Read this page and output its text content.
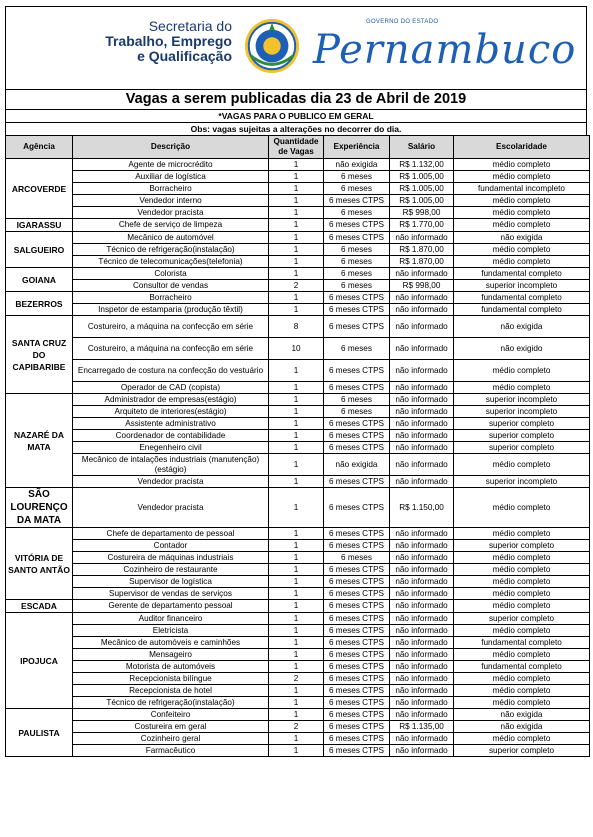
Secretaria do
Trabalho, Emprego
e Qualificação
GOVERNO DO ESTADO
Pernambuco
Vagas a serem publicadas dia 23 de Abril de 2019
*VAGAS PARA O PUBLICO EM GERAL
Obs: vagas sujeitas a alterações no decorrer do dia.
Agência	Descrição	Quantidade de Vagas	Experiência	Salário	Escolaridade
ARCOVERDE	Agente de microcrédito	1	não exigida	R$ 1.132,00	médio completo
	Auxiliar de logística	1	6 meses	R$ 1.005,00	médio completo
	Borracheiro	1	6 meses	R$ 1.005,00	fundamental incompleto
	Vendedor interno	1	6 meses CTPS	R$ 1.005,00	médio completo
	Vendedor pracista	1	6 meses	R$ 998,00	médio completo
IGARASSU	Chefe de serviço de limpeza	1	6 meses CTPS	R$ 1.770,00	médio completo
SALGUEIRO	Mecânico de automóvel	1	6 meses CTPS	não informado	não exigida
	Técnico de refrigeração(instalação)	1	6 meses	R$ 1.870,00	médio completo
	Técnico de telecomunicações(telefonia)	1	6 meses	R$ 1.870,00	médio completo
GOIANA	Colorista	1	6 meses	não informado	fundamental completo
	Consultor de vendas	2	6 meses	R$ 998,00	superior incompleto
BEZERROS	Borracheiro	1	6 meses CTPS	não informado	fundamental completo
	Inspetor de estamparia (produção têxtil)	1	6 meses CTPS	não informado	fundamental completo
SANTA CRUZ DO CAPIBARIBE	Costureiro, a máquina na confecção em série	8	6 meses CTPS	não informado	não exigida
	Costureiro, a máquina na confecção em série	10	6 meses	não informado	não exigido
	Encarregado de costura na confecção do vestuário	1	6 meses CTPS	não informado	médio completo
	Operador de CAD (copista)	1	6 meses CTPS	não informado	médio completo
NAZARÉ DA MATA	Administrador de empresas(estágio)	1	6 meses	não informado	superior incompleto
	Arquiteto de interiores(estágio)	1	6 meses	não informado	superior incompleto
	Assistente administrativo	1	6 meses CTPS	não informado	superior completo
	Coordenador de contabilidade	1	6 meses CTPS	não informado	superior completo
	Enegenheiro civil	1	6 meses CTPS	não informado	superior completo
	Mecânico de intalações industriais (manutenção) (estágio)	1	não exigida	não informado	médio completo
	Vendedor pracista	1	6 meses CTPS	não informado	superior incompleto
SÃO LOURENÇO DA MATA	Vendedor pracista	1	6 meses CTPS	R$ 1.150,00	médio completo
VITÓRIA DE SANTO ANTÃO	Chefe de departamento de pessoal	1	6 meses CTPS	não informado	médio completo
	Contador	1	6 meses CTPS	não informado	superior completo
	Costureira de máquinas industriais	1	6 meses	não informado	médio completo
	Cozinheiro de restaurante	1	6 meses CTPS	não informado	médio completo
	Supervisor de logística	1	6 meses CTPS	não informado	médio completo
	Supervisor de vendas de serviços	1	6 meses CTPS	não informado	médio completo
ESCADA	Gerente de departamento pessoal	1	6 meses CTPS	não informado	médio completo
IPOJUCA	Auditor financeiro	1	6 meses CTPS	não informado	superior completo
	Eletricista	1	6 meses CTPS	não informado	médio completo
	Mecânico de automóveis e caminhões	1	6 meses CTPS	não informado	fundamental completo
	Mensageiro	1	6 meses CTPS	não informado	médio completo
	Motorista de automóveis	1	6 meses CTPS	não informado	fundamental completo
	Recepcionista bilíngue	2	6 meses CTPS	não informado	médio completo
	Recepcionista de hotel	1	6 meses CTPS	não informado	médio completo
	Técnico de refrigeração(instalação)	1	6 meses CTPS	não informado	médio completo
PAULISTA	Confeiteiro	1	6 meses CTPS	não informado	não exigida
	Costureira em geral	2	6 meses CTPS	R$ 1.135,00	não exigida
	Cozinheiro geral	1	6 meses CTPS	não informado	médio completo
	Farmacêutico	1	6 meses CTPS	não informado	superior completo
